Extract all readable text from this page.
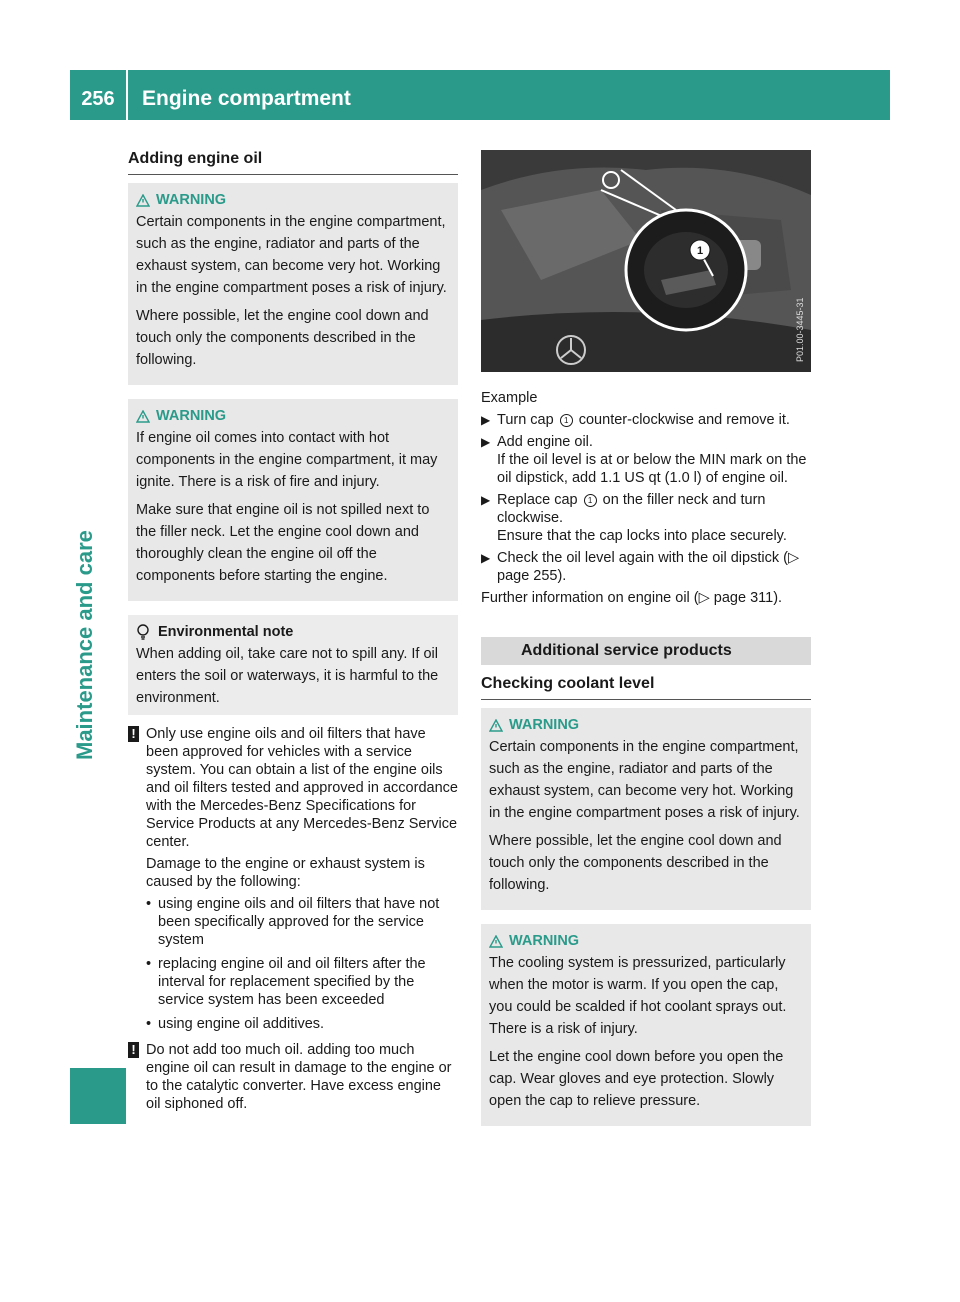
256	Engine compartment
Maintenance and care
Adding engine oil
WARNING

Certain components in the engine compartment, such as the engine, radiator and parts of the exhaust system, can become very hot. Working in the engine compartment poses a risk of injury.

Where possible, let the engine cool down and touch only the components described in the following.

WARNING

If engine oil comes into contact with hot components in the engine compartment, it may ignite. There is a risk of fire and injury.

Make sure that engine oil is not spilled next to the filler neck. Let the engine cool down and thoroughly clean the engine oil off the components before starting the engine.

Environmental note
When adding oil, take care not to spill any. If oil enters the soil or waterways, it is harmful to the environment.
! Only use engine oils and oil filters that have been approved for vehicles with a service system. You can obtain a list of the engine oils and oil filters tested and approved in accordance with the Mercedes-Benz Specifications for Service Products at any Mercedes-Benz Service center.

Damage to the engine or exhaust system is caused by the following:

• using engine oils and oil filters that have not been specifically approved for the service system
• replacing engine oil and oil filters after the interval for replacement specified by the service system has been exceeded
• using engine oil additives.
! Do not add too much oil. adding too much engine oil can result in damage to the engine or to the catalytic converter. Have excess engine oil siphoned off.

1
P01.00-3445-31
Example
▶ Turn cap 1 counter-clockwise and remove it.
▶ Add engine oil.
If the oil level is at or below the MIN mark on the oil dipstick, add 1.1 US qt (1.0 l) of engine oil.
▶ Replace cap 1 on the filler neck and turn clockwise.
Ensure that the cap locks into place securely.
▶ Check the oil level again with the oil dipstick (▷ page 255).
Further information on engine oil (▷ page 311).
Additional service products
Checking coolant level
WARNING

Certain components in the engine compartment, such as the engine, radiator and parts of the exhaust system, can become very hot. Working in the engine compartment poses a risk of injury.

Where possible, let the engine cool down and touch only the components described in the following.

WARNING

The cooling system is pressurized, particularly when the motor is warm. If you open the cap, you could be scalded if hot coolant sprays out. There is a risk of injury.

Let the engine cool down before you open the cap. Wear gloves and eye protection. Slowly open the cap to relieve pressure.
